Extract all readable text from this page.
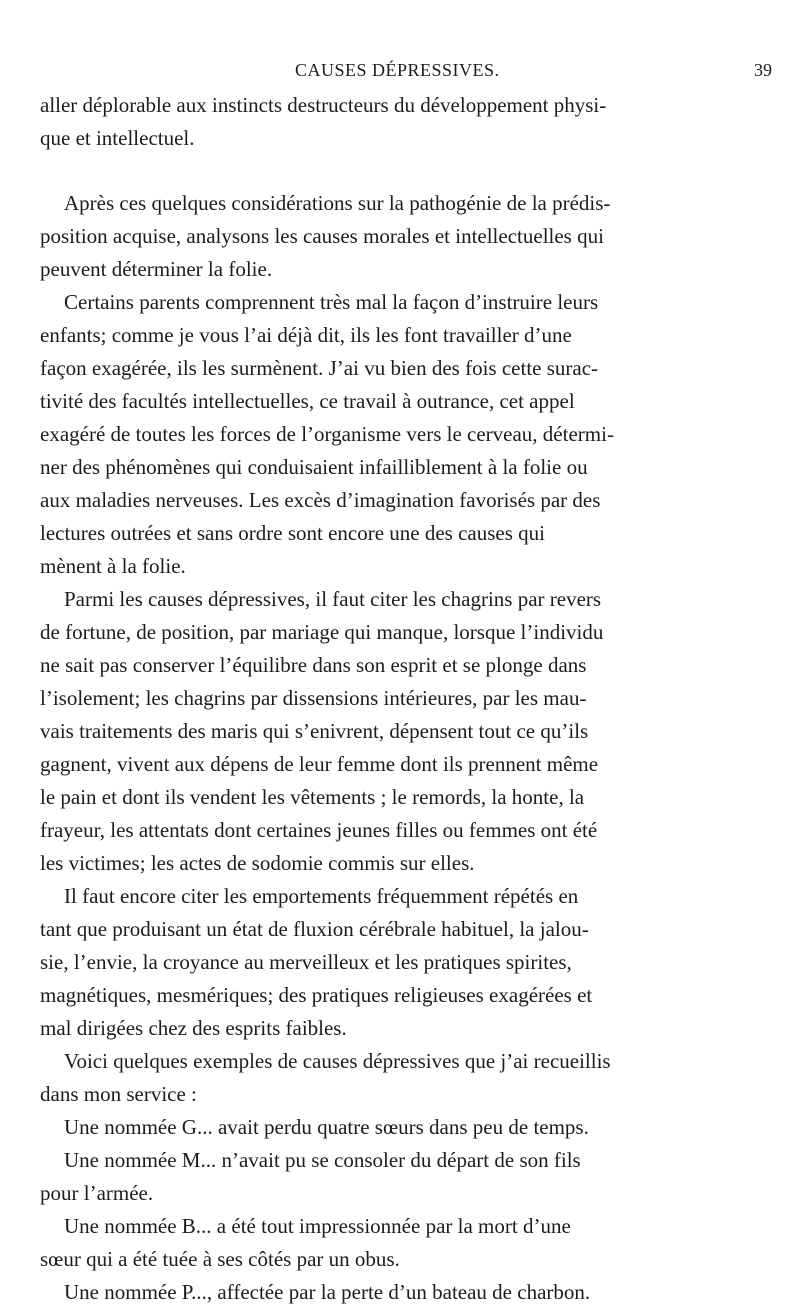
CAUSES DÉPRESSIVES.	39
aller déplorable aux instincts destructeurs du développement physi-
que et intellectuel.
Après ces quelques considérations sur la pathogénie de la prédis-
position acquise, analysons les causes morales et intellectuelles qui
peuvent déterminer la folie.
Certains parents comprennent très mal la façon d’instruire leurs
enfants; comme je vous l’ai déjà dit, ils les font travailler d’une
façon exagérée, ils les surmènent. J’ai vu bien des fois cette surac-
tivité des facultés intellectuelles, ce travail à outrance, cet appel
exagéré de toutes les forces de l’organisme vers le cerveau, détermi-
ner des phénomènes qui conduisaient infailliblement à la folie ou
aux maladies nerveuses. Les excès d’imagination favorisés par des
lectures outrées et sans ordre sont encore une des causes qui
mènent à la folie.
Parmi les causes dépressives, il faut citer les chagrins par revers
de fortune, de position, par mariage qui manque, lorsque l’individu
ne sait pas conserver l’équilibre dans son esprit et se plonge dans
l’isolement; les chagrins par dissensions intérieures, par les mau-
vais traitements des maris qui s’enivrent, dépensent tout ce qu’ils
gagnent, vivent aux dépens de leur femme dont ils prennent même
le pain et dont ils vendent les vêtements ; le remords, la honte, la
frayeur, les attentats dont certaines jeunes filles ou femmes ont été
les victimes; les actes de sodomie commis sur elles.
Il faut encore citer les emportements fréquemment répétés en
tant que produisant un état de fluxion cérébrale habituel, la jalou-
sie, l’envie, la croyance au merveilleux et les pratiques spirites,
magnétiques, mesmériques; des pratiques religieuses exagérées et
mal dirigées chez des esprits faibles.
Voici quelques exemples de causes dépressives que j’ai recueillis
dans mon service :
Une nommée G... avait perdu quatre sœurs dans peu de temps.
Une nommée M... n’avait pu se consoler du départ de son fils
pour l’armée.
Une nommée B... a été tout impressionnée par la mort d’une
sœur qui a été tuée à ses côtés par un obus.
Une nommée P..., affectée par la perte d’un bateau de charbon.
